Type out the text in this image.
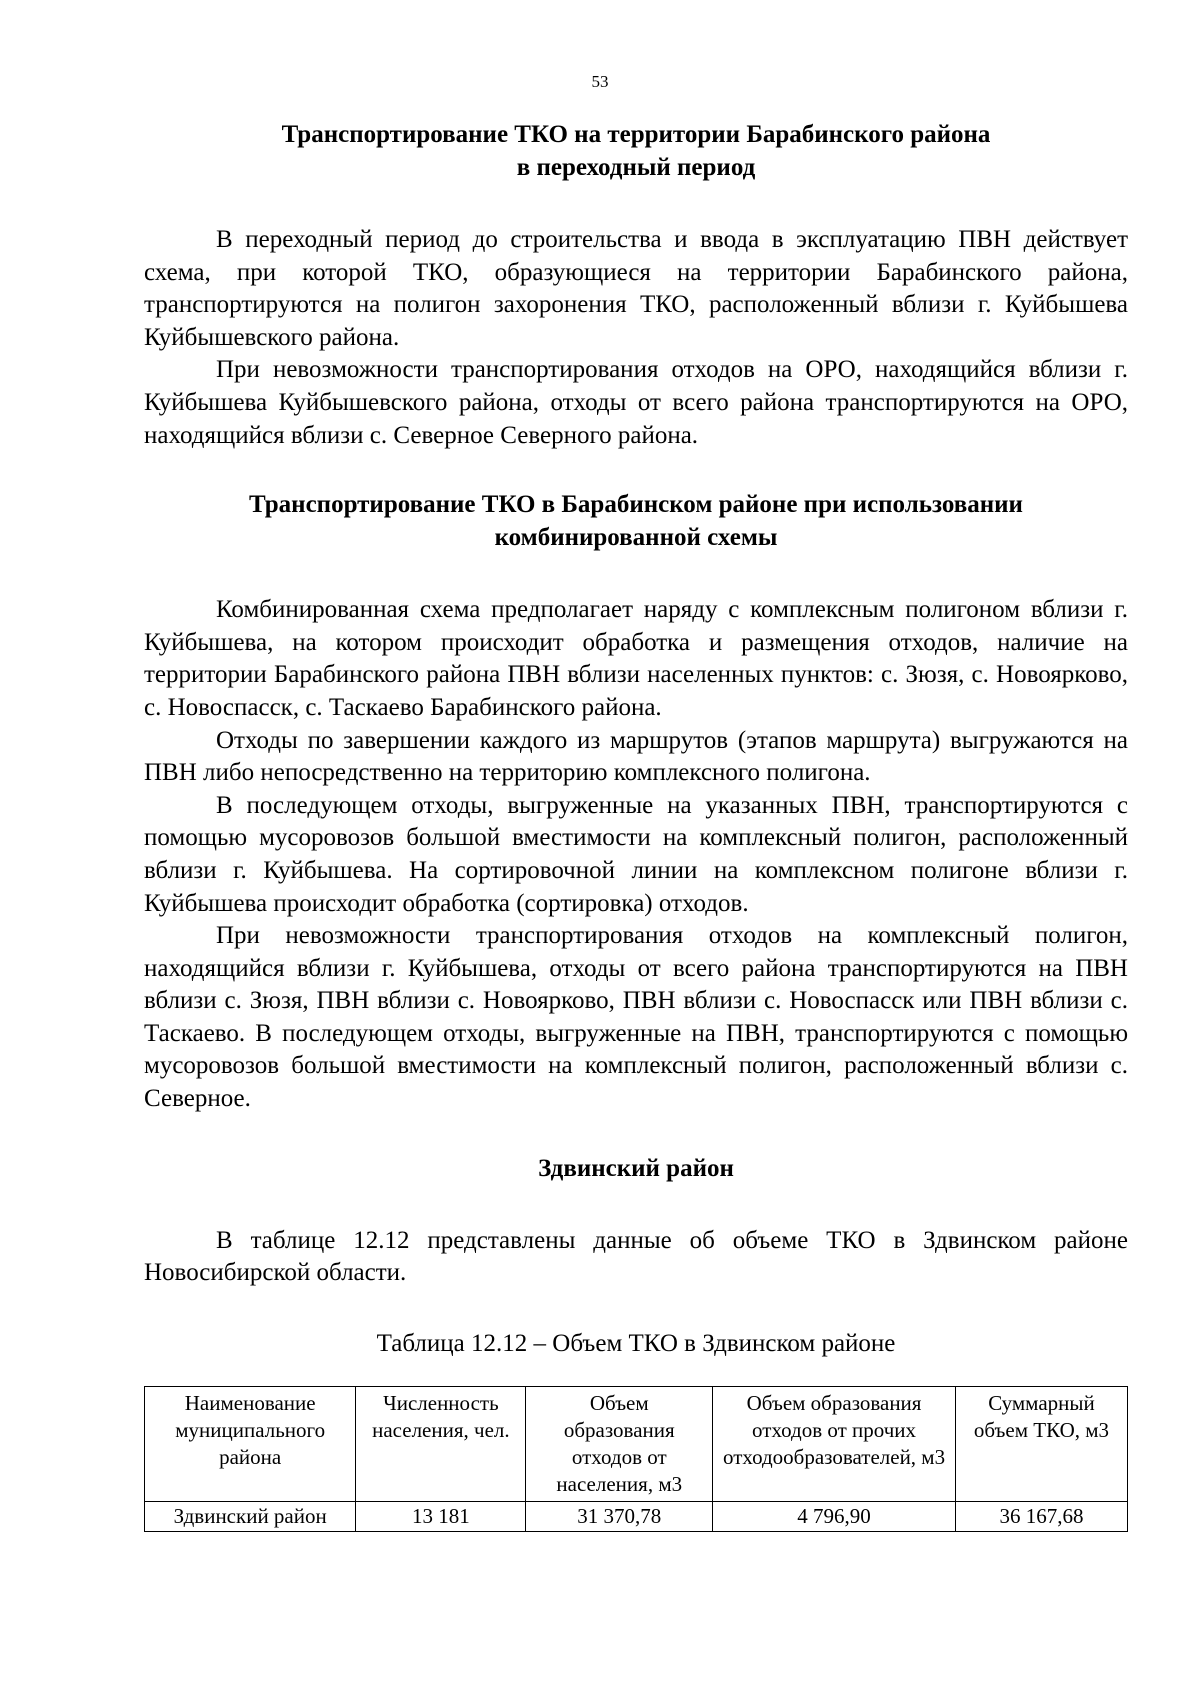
53
Транспортирование ТКО на территории Барабинского района
в переходный период

В переходный период до строительства и ввода в эксплуатацию ПВН действует схема, при которой ТКО, образующиеся на территории Барабинского района, транспортируются на полигон захоронения ТКО, расположенный вблизи г. Куйбышева Куйбышевского района.

При невозможности транспортирования отходов на ОРО, находящийся вблизи г. Куйбышева Куйбышевского района, отходы от всего района транспортируются на ОРО, находящийся вблизи с. Северное Северного района.

Транспортирование ТКО в Барабинском районе при использовании
комбинированной схемы

Комбинированная схема предполагает наряду с комплексным полигоном вблизи г. Куйбышева, на котором происходит обработка и размещения отходов, наличие на территории Барабинского района ПВН вблизи населенных пунктов: с. Зюзя, с. Новоярково, с. Новоспасск, с. Таскаево Барабинского района.

Отходы по завершении каждого из маршрутов (этапов маршрута) выгружаются на ПВН либо непосредственно на территорию комплексного полигона.

В последующем отходы, выгруженные на указанных ПВН, транспортируются с помощью мусоровозов большой вместимости на комплексный полигон, расположенный вблизи г. Куйбышева. На сортировочной линии на комплексном полигоне вблизи г. Куйбышева происходит обработка (сортировка) отходов.

При невозможности транспортирования отходов на комплексный полигон, находящийся вблизи г. Куйбышева, отходы от всего района транспортируются на ПВН вблизи с. Зюзя, ПВН вблизи с. Новоярково, ПВН вблизи с. Новоспасск или ПВН вблизи с. Таскаево. В последующем отходы, выгруженные на ПВН, транспортируются с помощью мусоровозов большой вместимости на комплексный полигон, расположенный вблизи с. Северное.

Здвинский район

В таблице 12.12 представлены данные об объеме ТКО в Здвинском районе Новосибирской области.

Таблица 12.12 – Объем ТКО в Здвинском районе

Наименование муниципального района	Численность населения, чел.	Объем образования отходов от населения, м3	Объем образования отходов от прочих отходообразователей, м3	Суммарный объем ТКО, м3
Здвинский район	13 181	31 370,78	4 796,90	36 167,68
